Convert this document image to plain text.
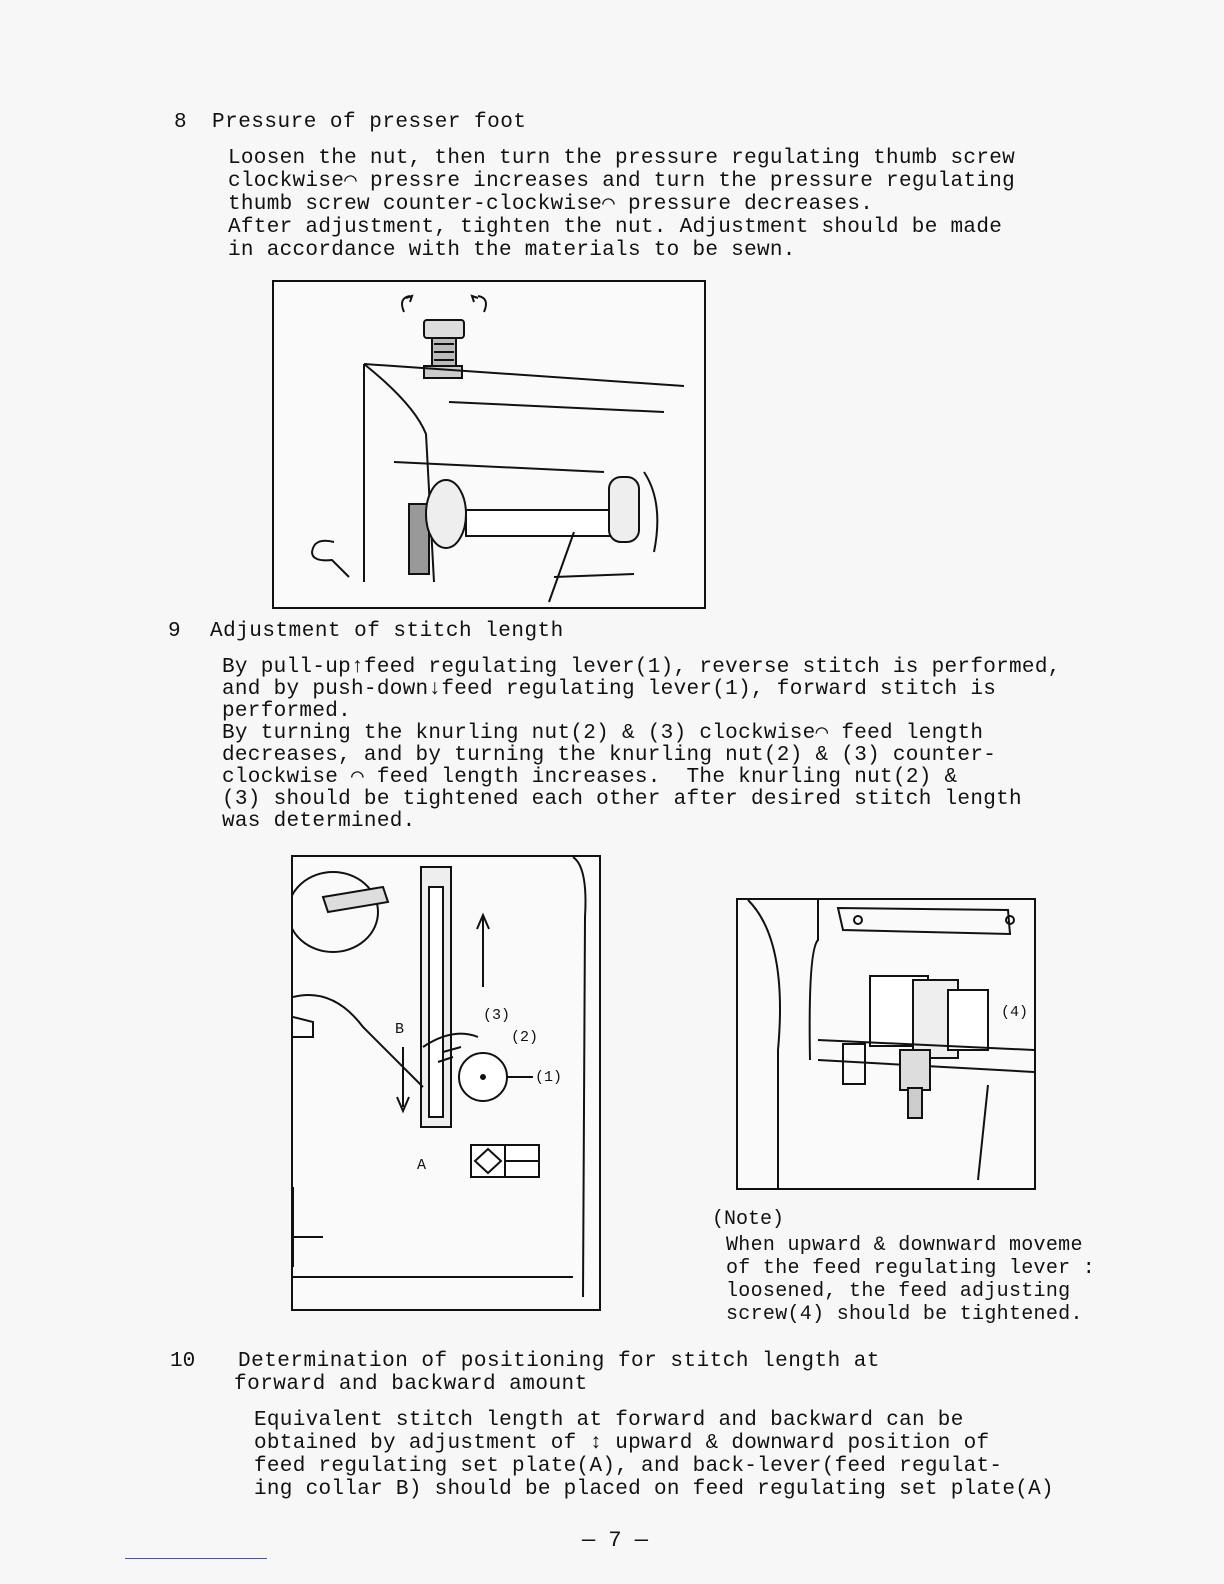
8 Pressure of presser foot
Loosen the nut, then turn the pressure regulating thumb screw
clockwise⌒ pressre increases and turn the pressure regulating
thumb screw counter-clockwise⌒ pressure decreases.
After adjustment, tighten the nut. Adjustment should be made
in accordance with the materials to be sewn.
9 Adjustment of stitch length
By pull-up↑feed regulating lever(1), reverse stitch is performed,
and by push-down↓feed regulating lever(1), forward stitch is
performed.
By turning the knurling nut(2) & (3) clockwise⌒ feed length
decreases, and by turning the knurling nut(2) & (3) counter-
clockwise ⌒ feed length increases.  The knurling nut(2) &
(3) should be tightened each other after desired stitch length
was determined.
(3)
(2)
(1)
B
A
(4)
(Note)
When upward & downward moveme
of the feed regulating lever :
loosened, the feed adjusting
screw(4) should be tightened.
10 Determination of positioning for stitch length at
forward and backward amount
Equivalent stitch length at forward and backward can be
obtained by adjustment of ↕ upward & downward position of
feed regulating set plate(A), and back-lever(feed regulat-
ing collar B) should be placed on feed regulating set plate(A)
— 7 —
